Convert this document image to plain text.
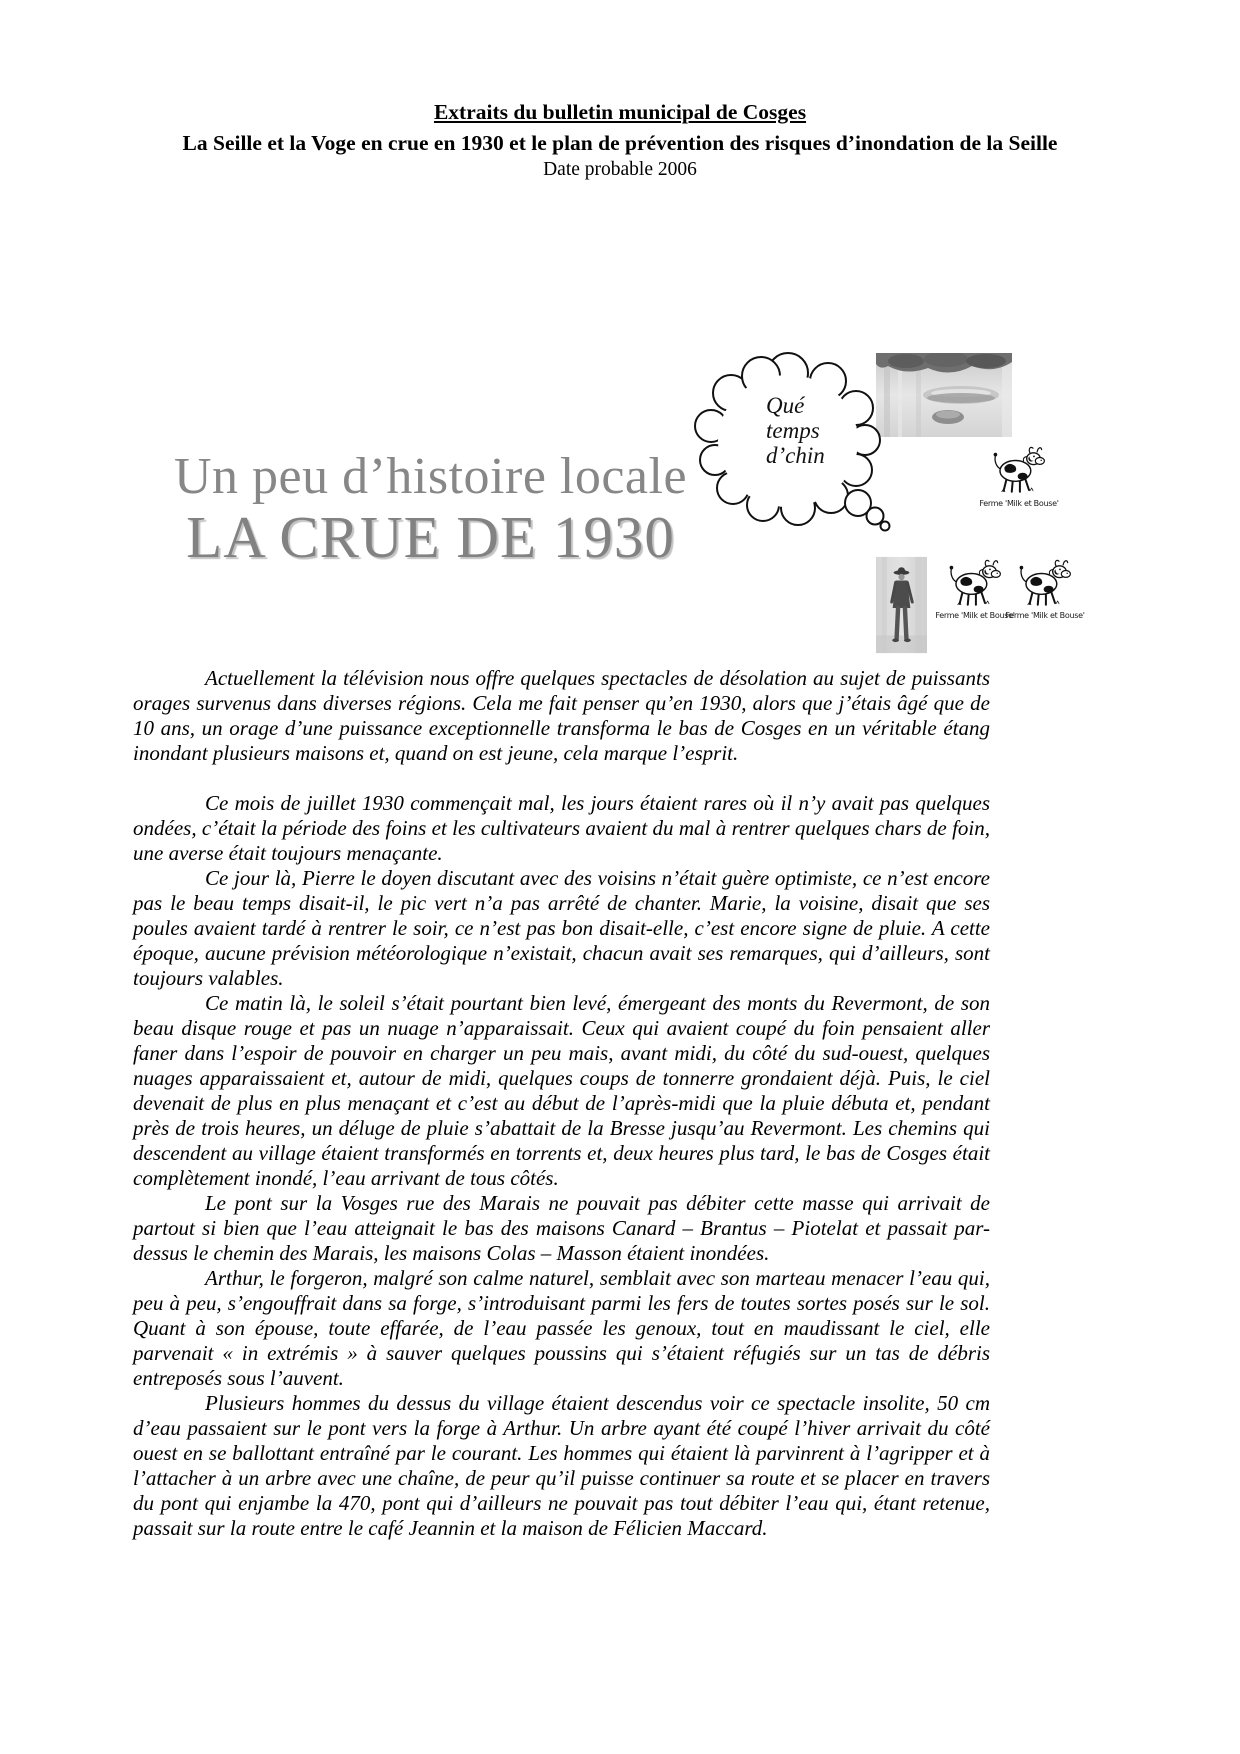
Extraits du bulletin municipal de Cosges
La Seille et la Voge en crue en 1930 et le plan de prévention des risques d’inondation de la Seille
Date probable 2006
Qué
temps
d’chin
Ferme 'Milk et Bouse'
Ferme 'Milk et Bouse'
Ferme 'Milk et Bouse'
Un peu d’histoire locale
LA CRUE DE 1930

Actuellement la télévision nous offre quelques spectacles de désolation au sujet de puissants orages survenus dans diverses régions. Cela me fait penser qu’en 1930, alors que j’étais âgé que de 10 ans, un orage d’une puissance exceptionnelle transforma le bas de Cosges en un véritable étang inondant plusieurs maisons et, quand on est jeune, cela marque l’esprit.

Ce mois de juillet 1930 commençait mal, les jours étaient rares où il n’y avait pas quelques ondées, c’était la période des foins et les cultivateurs avaient du mal à rentrer quelques chars de foin, une averse était toujours menaçante.

Ce jour là, Pierre le doyen discutant avec des voisins n’était guère optimiste, ce n’est encore pas le beau temps disait-il, le pic vert n’a pas arrêté de chanter. Marie, la voisine, disait que ses poules avaient tardé à rentrer le soir, ce n’est pas bon disait-elle, c’est encore signe de pluie. A cette époque, aucune prévision météorologique n’existait, chacun avait ses remarques, qui d’ailleurs, sont toujours valables.

Ce matin là, le soleil s’était pourtant bien levé, émergeant des monts du Revermont, de son beau disque rouge et pas un nuage n’apparaissait. Ceux qui avaient coupé du foin pensaient aller faner dans l’espoir de pouvoir en charger un peu mais, avant midi, du côté du sud-ouest, quelques nuages apparaissaient et, autour de midi, quelques coups de tonnerre grondaient déjà. Puis, le ciel devenait de plus en plus menaçant et c’est au début de l’après-midi que la pluie débuta et, pendant près de trois heures, un déluge de pluie s’abattait de la Bresse jusqu’au Revermont. Les chemins qui descendent au village étaient transformés en torrents et, deux heures plus tard, le bas de Cosges était complètement inondé, l’eau arrivant de tous côtés.

Le pont sur la Vosges rue des Marais ne pouvait pas débiter cette masse qui arrivait de partout si bien que l’eau atteignait le bas des maisons Canard – Brantus – Piotelat et passait par-dessus le chemin des Marais, les maisons Colas – Masson étaient inondées.

Arthur, le forgeron, malgré son calme naturel, semblait avec son marteau menacer l’eau qui, peu à peu, s’engouffrait dans sa forge, s’introduisant parmi les fers de toutes sortes posés sur le sol. Quant à son épouse, toute effarée, de l’eau passée les genoux, tout en maudissant le ciel, elle parvenait « in extrémis » à sauver quelques poussins qui s’étaient réfugiés sur un tas de débris entreposés sous l’auvent.

Plusieurs hommes du dessus du village étaient descendus voir ce spectacle insolite, 50 cm d’eau passaient sur le pont vers la forge à Arthur. Un arbre ayant été coupé l’hiver arrivait du côté ouest en se ballottant entraîné par le courant. Les hommes qui étaient là parvinrent à l’agripper et à l’attacher à un arbre avec une chaîne, de peur qu’il puisse continuer sa route et se placer en travers du pont qui enjambe la 470, pont qui d’ailleurs ne pouvait pas tout débiter l’eau qui, étant retenue, passait sur la route entre le café Jeannin et la maison de Félicien Maccard.
